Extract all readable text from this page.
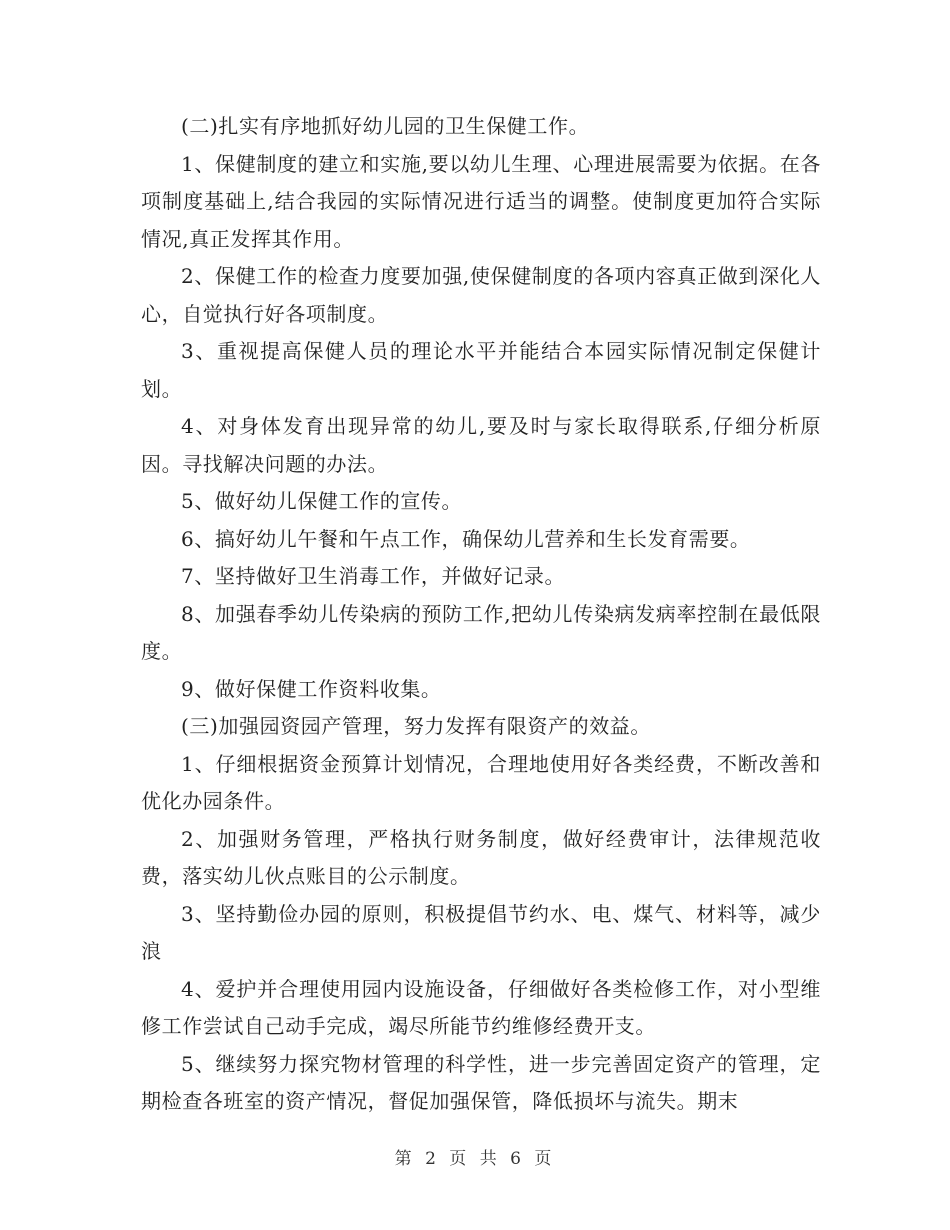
(二)扎实有序地抓好幼儿园的卫生保健工作。

1、保健制度的建立和实施,要以幼儿生理、心理进展需要为依据。在各项制度基础上,结合我园的实际情况进行适当的调整。使制度更加符合实际情况,真正发挥其作用。

2、保健工作的检查力度要加强,使保健制度的各项内容真正做到深化人心，自觉执行好各项制度。

3、重视提高保健人员的理论水平并能结合本园实际情况制定保健计划。

4、对身体发育出现异常的幼儿,要及时与家长取得联系,仔细分析原因。寻找解决问题的办法。

5、做好幼儿保健工作的宣传。

6、搞好幼儿午餐和午点工作，确保幼儿营养和生长发育需要。

7、坚持做好卫生消毒工作，并做好记录。

8、加强春季幼儿传染病的预防工作,把幼儿传染病发病率控制在最低限度。

9、做好保健工作资料收集。

(三)加强园资园产管理，努力发挥有限资产的效益。

1、仔细根据资金预算计划情况，合理地使用好各类经费，不断改善和优化办园条件。

2、加强财务管理，严格执行财务制度，做好经费审计，法律规范收费，落实幼儿伙点账目的公示制度。

3、坚持勤俭办园的原则，积极提倡节约水、电、煤气、材料等，减少浪

4、爱护并合理使用园内设施设备，仔细做好各类检修工作，对小型维修工作尝试自己动手完成，竭尽所能节约维修经费开支。

5、继续努力探究物材管理的科学性，进一步完善固定资产的管理，定期检查各班室的资产情况，督促加强保管，降低损坏与流失。期末

第 2 页 共 6 页
